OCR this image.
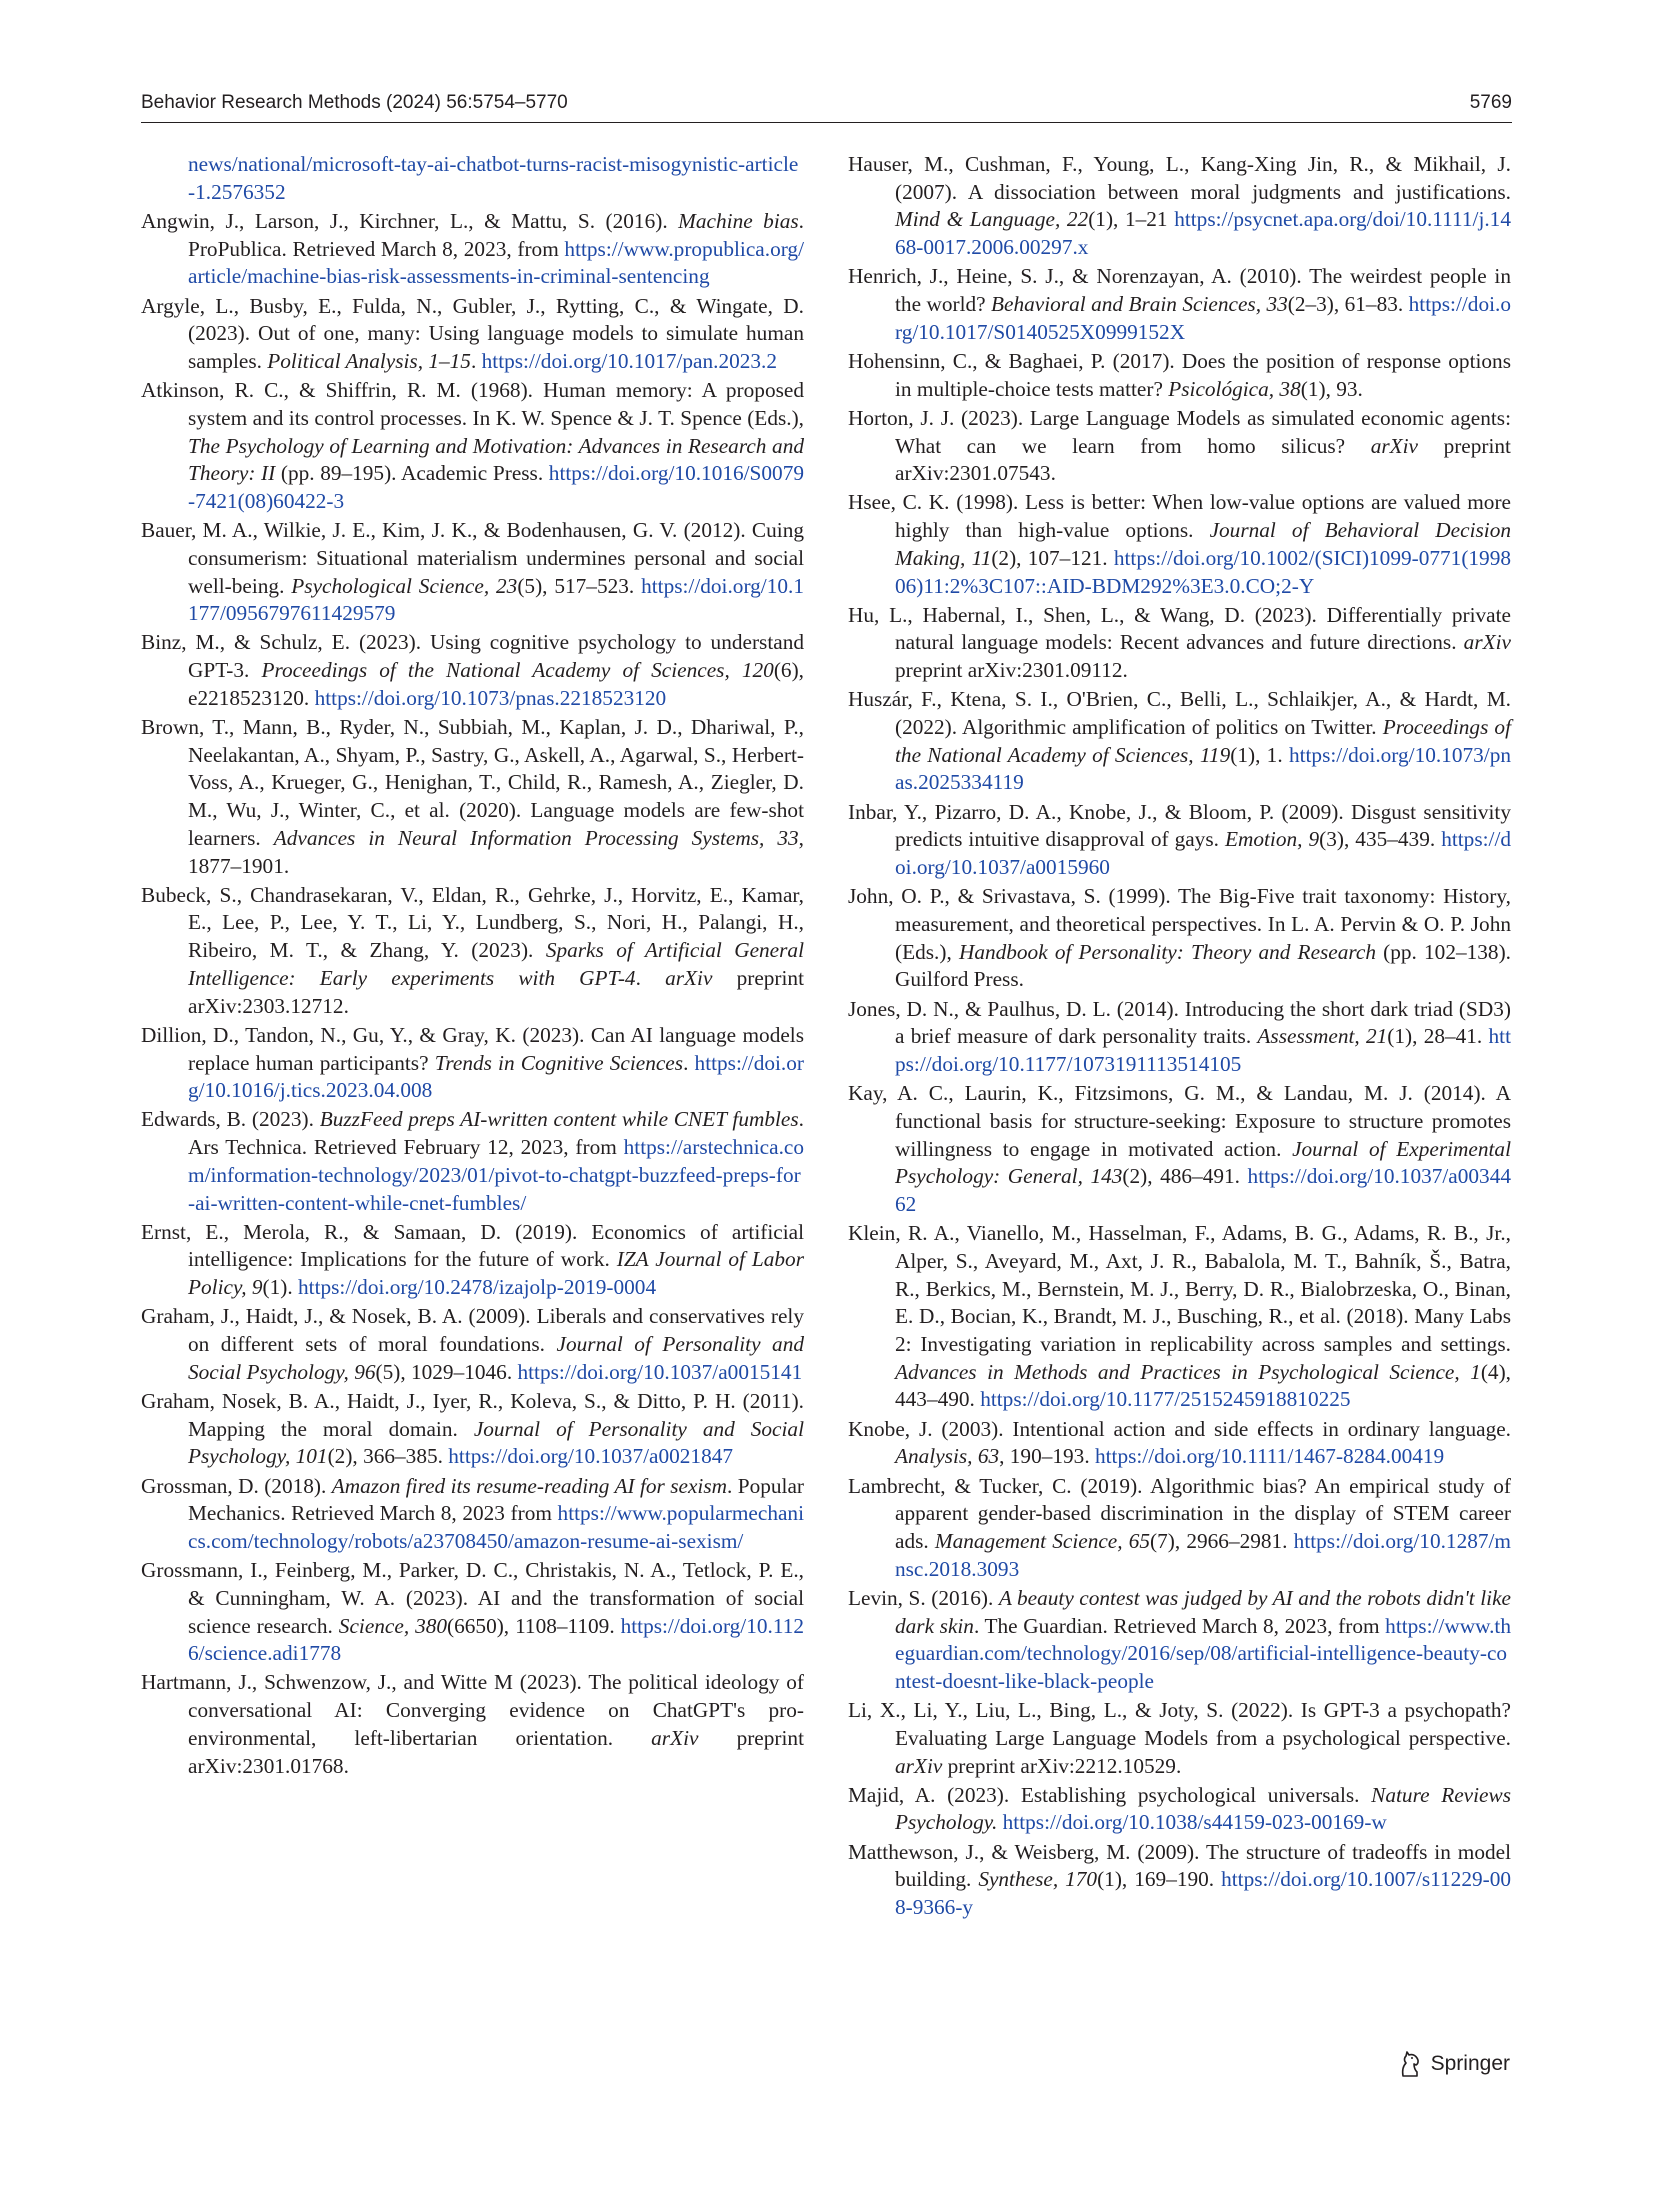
Behavior Research Methods (2024) 56:5754–5770	5769

news/national/microsoft-tay-ai-chatbot-turns-racist-misogynistic-article-1.2576352

Angwin, J., Larson, J., Kirchner, L., & Mattu, S. (2016). Machine bias. ProPublica. Retrieved March 8, 2023, from https://www.propublica.org/article/machine-bias-risk-assessments-in-criminal-sentencing

Argyle, L., Busby, E., Fulda, N., Gubler, J., Rytting, C., & Wingate, D. (2023). Out of one, many: Using language models to simulate human samples. Political Analysis, 1–15. https://doi.org/10.1017/pan.2023.2

Atkinson, R. C., & Shiffrin, R. M. (1968). Human memory: A proposed system and its control processes. In K. W. Spence & J. T. Spence (Eds.), The Psychology of Learning and Motivation: Advances in Research and Theory: II (pp. 89–195). Academic Press. https://doi.org/10.1016/S0079-7421(08)60422-3

Bauer, M. A., Wilkie, J. E., Kim, J. K., & Bodenhausen, G. V. (2012). Cuing consumerism: Situational materialism undermines personal and social well-being. Psychological Science, 23(5), 517–523. https://doi.org/10.1177/0956797611429579

Binz, M., & Schulz, E. (2023). Using cognitive psychology to understand GPT-3. Proceedings of the National Academy of Sciences, 120(6), e2218523120. https://doi.org/10.1073/pnas.2218523120

Brown, T., Mann, B., Ryder, N., Subbiah, M., Kaplan, J. D., Dhariwal, P., Neelakantan, A., Shyam, P., Sastry, G., Askell, A., Agarwal, S., Herbert-Voss, A., Krueger, G., Henighan, T., Child, R., Ramesh, A., Ziegler, D. M., Wu, J., Winter, C., et al. (2020). Language models are few-shot learners. Advances in Neural Information Processing Systems, 33, 1877–1901.

Bubeck, S., Chandrasekaran, V., Eldan, R., Gehrke, J., Horvitz, E., Kamar, E., Lee, P., Lee, Y. T., Li, Y., Lundberg, S., Nori, H., Palangi, H., Ribeiro, M. T., & Zhang, Y. (2023). Sparks of Artificial General Intelligence: Early experiments with GPT-4. arXiv preprint arXiv:2303.12712.

Dillion, D., Tandon, N., Gu, Y., & Gray, K. (2023). Can AI language models replace human participants? Trends in Cognitive Sciences. https://doi.org/10.1016/j.tics.2023.04.008

Edwards, B. (2023). BuzzFeed preps AI-written content while CNET fumbles. Ars Technica. Retrieved February 12, 2023, from https://arstechnica.com/information-technology/2023/01/pivot-to-chatgpt-buzzfeed-preps-for-ai-written-content-while-cnet-fumbles/

Ernst, E., Merola, R., & Samaan, D. (2019). Economics of artificial intelligence: Implications for the future of work. IZA Journal of Labor Policy, 9(1). https://doi.org/10.2478/izajolp-2019-0004

Graham, J., Haidt, J., & Nosek, B. A. (2009). Liberals and conservatives rely on different sets of moral foundations. Journal of Personality and Social Psychology, 96(5), 1029–1046. https://doi.org/10.1037/a0015141

Graham, Nosek, B. A., Haidt, J., Iyer, R., Koleva, S., & Ditto, P. H. (2011). Mapping the moral domain. Journal of Personality and Social Psychology, 101(2), 366–385. https://doi.org/10.1037/a0021847

Grossman, D. (2018). Amazon fired its resume-reading AI for sexism. Popular Mechanics. Retrieved March 8, 2023 from https://www.popularmechanics.com/technology/robots/a23708450/amazon-resume-ai-sexism/

Grossmann, I., Feinberg, M., Parker, D. C., Christakis, N. A., Tetlock, P. E., & Cunningham, W. A. (2023). AI and the transformation of social science research. Science, 380(6650), 1108–1109. https://doi.org/10.1126/science.adi1778

Hartmann, J., Schwenzow, J., and Witte M (2023). The political ideology of conversational AI: Converging evidence on ChatGPT's pro-environmental, left-libertarian orientation. arXiv preprint arXiv:2301.01768.

Hauser, M., Cushman, F., Young, L., Kang-Xing Jin, R., & Mikhail, J. (2007). A dissociation between moral judgments and justifications. Mind & Language, 22(1), 1–21 https://psycnet.apa.org/doi/10.1111/j.1468-0017.2006.00297.x

Henrich, J., Heine, S. J., & Norenzayan, A. (2010). The weirdest people in the world? Behavioral and Brain Sciences, 33(2–3), 61–83. https://doi.org/10.1017/S0140525X0999152X

Hohensinn, C., & Baghaei, P. (2017). Does the position of response options in multiple-choice tests matter? Psicológica, 38(1), 93.

Horton, J. J. (2023). Large Language Models as simulated economic agents: What can we learn from homo silicus? arXiv preprint arXiv:2301.07543.

Hsee, C. K. (1998). Less is better: When low-value options are valued more highly than high-value options. Journal of Behavioral Decision Making, 11(2), 107–121. https://doi.org/10.1002/(SICI)1099-0771(199806)11:2%3C107::AID-BDM292%3E3.0.CO;2-Y

Hu, L., Habernal, I., Shen, L., & Wang, D. (2023). Differentially private natural language models: Recent advances and future directions. arXiv preprint arXiv:2301.09112.

Huszár, F., Ktena, S. I., O'Brien, C., Belli, L., Schlaikjer, A., & Hardt, M. (2022). Algorithmic amplification of politics on Twitter. Proceedings of the National Academy of Sciences, 119(1), 1. https://doi.org/10.1073/pnas.2025334119

Inbar, Y., Pizarro, D. A., Knobe, J., & Bloom, P. (2009). Disgust sensitivity predicts intuitive disapproval of gays. Emotion, 9(3), 435–439. https://doi.org/10.1037/a0015960

John, O. P., & Srivastava, S. (1999). The Big-Five trait taxonomy: History, measurement, and theoretical perspectives. In L. A. Pervin & O. P. John (Eds.), Handbook of Personality: Theory and Research (pp. 102–138). Guilford Press.

Jones, D. N., & Paulhus, D. L. (2014). Introducing the short dark triad (SD3) a brief measure of dark personality traits. Assessment, 21(1), 28–41. https://doi.org/10.1177/1073191113514105

Kay, A. C., Laurin, K., Fitzsimons, G. M., & Landau, M. J. (2014). A functional basis for structure-seeking: Exposure to structure promotes willingness to engage in motivated action. Journal of Experimental Psychology: General, 143(2), 486–491. https://doi.org/10.1037/a0034462

Klein, R. A., Vianello, M., Hasselman, F., Adams, B. G., Adams, R. B., Jr., Alper, S., Aveyard, M., Axt, J. R., Babalola, M. T., Bahník, Š., Batra, R., Berkics, M., Bernstein, M. J., Berry, D. R., Bialobrzeska, O., Binan, E. D., Bocian, K., Brandt, M. J., Busching, R., et al. (2018). Many Labs 2: Investigating variation in replicability across samples and settings. Advances in Methods and Practices in Psychological Science, 1(4), 443–490. https://doi.org/10.1177/2515245918810225

Knobe, J. (2003). Intentional action and side effects in ordinary language. Analysis, 63, 190–193. https://doi.org/10.1111/1467-8284.00419

Lambrecht, & Tucker, C. (2019). Algorithmic bias? An empirical study of apparent gender-based discrimination in the display of STEM career ads. Management Science, 65(7), 2966–2981. https://doi.org/10.1287/mnsc.2018.3093

Levin, S. (2016). A beauty contest was judged by AI and the robots didn't like dark skin. The Guardian. Retrieved March 8, 2023, from https://www.theguardian.com/technology/2016/sep/08/artificial-intelligence-beauty-contest-doesnt-like-black-people

Li, X., Li, Y., Liu, L., Bing, L., & Joty, S. (2022). Is GPT-3 a psychopath? Evaluating Large Language Models from a psychological perspective. arXiv preprint arXiv:2212.10529.

Majid, A. (2023). Establishing psychological universals. Nature Reviews Psychology. https://doi.org/10.1038/s44159-023-00169-w

Matthewson, J., & Weisberg, M. (2009). The structure of tradeoffs in model building. Synthese, 170(1), 169–190. https://doi.org/10.1007/s11229-008-9366-y

Springer
